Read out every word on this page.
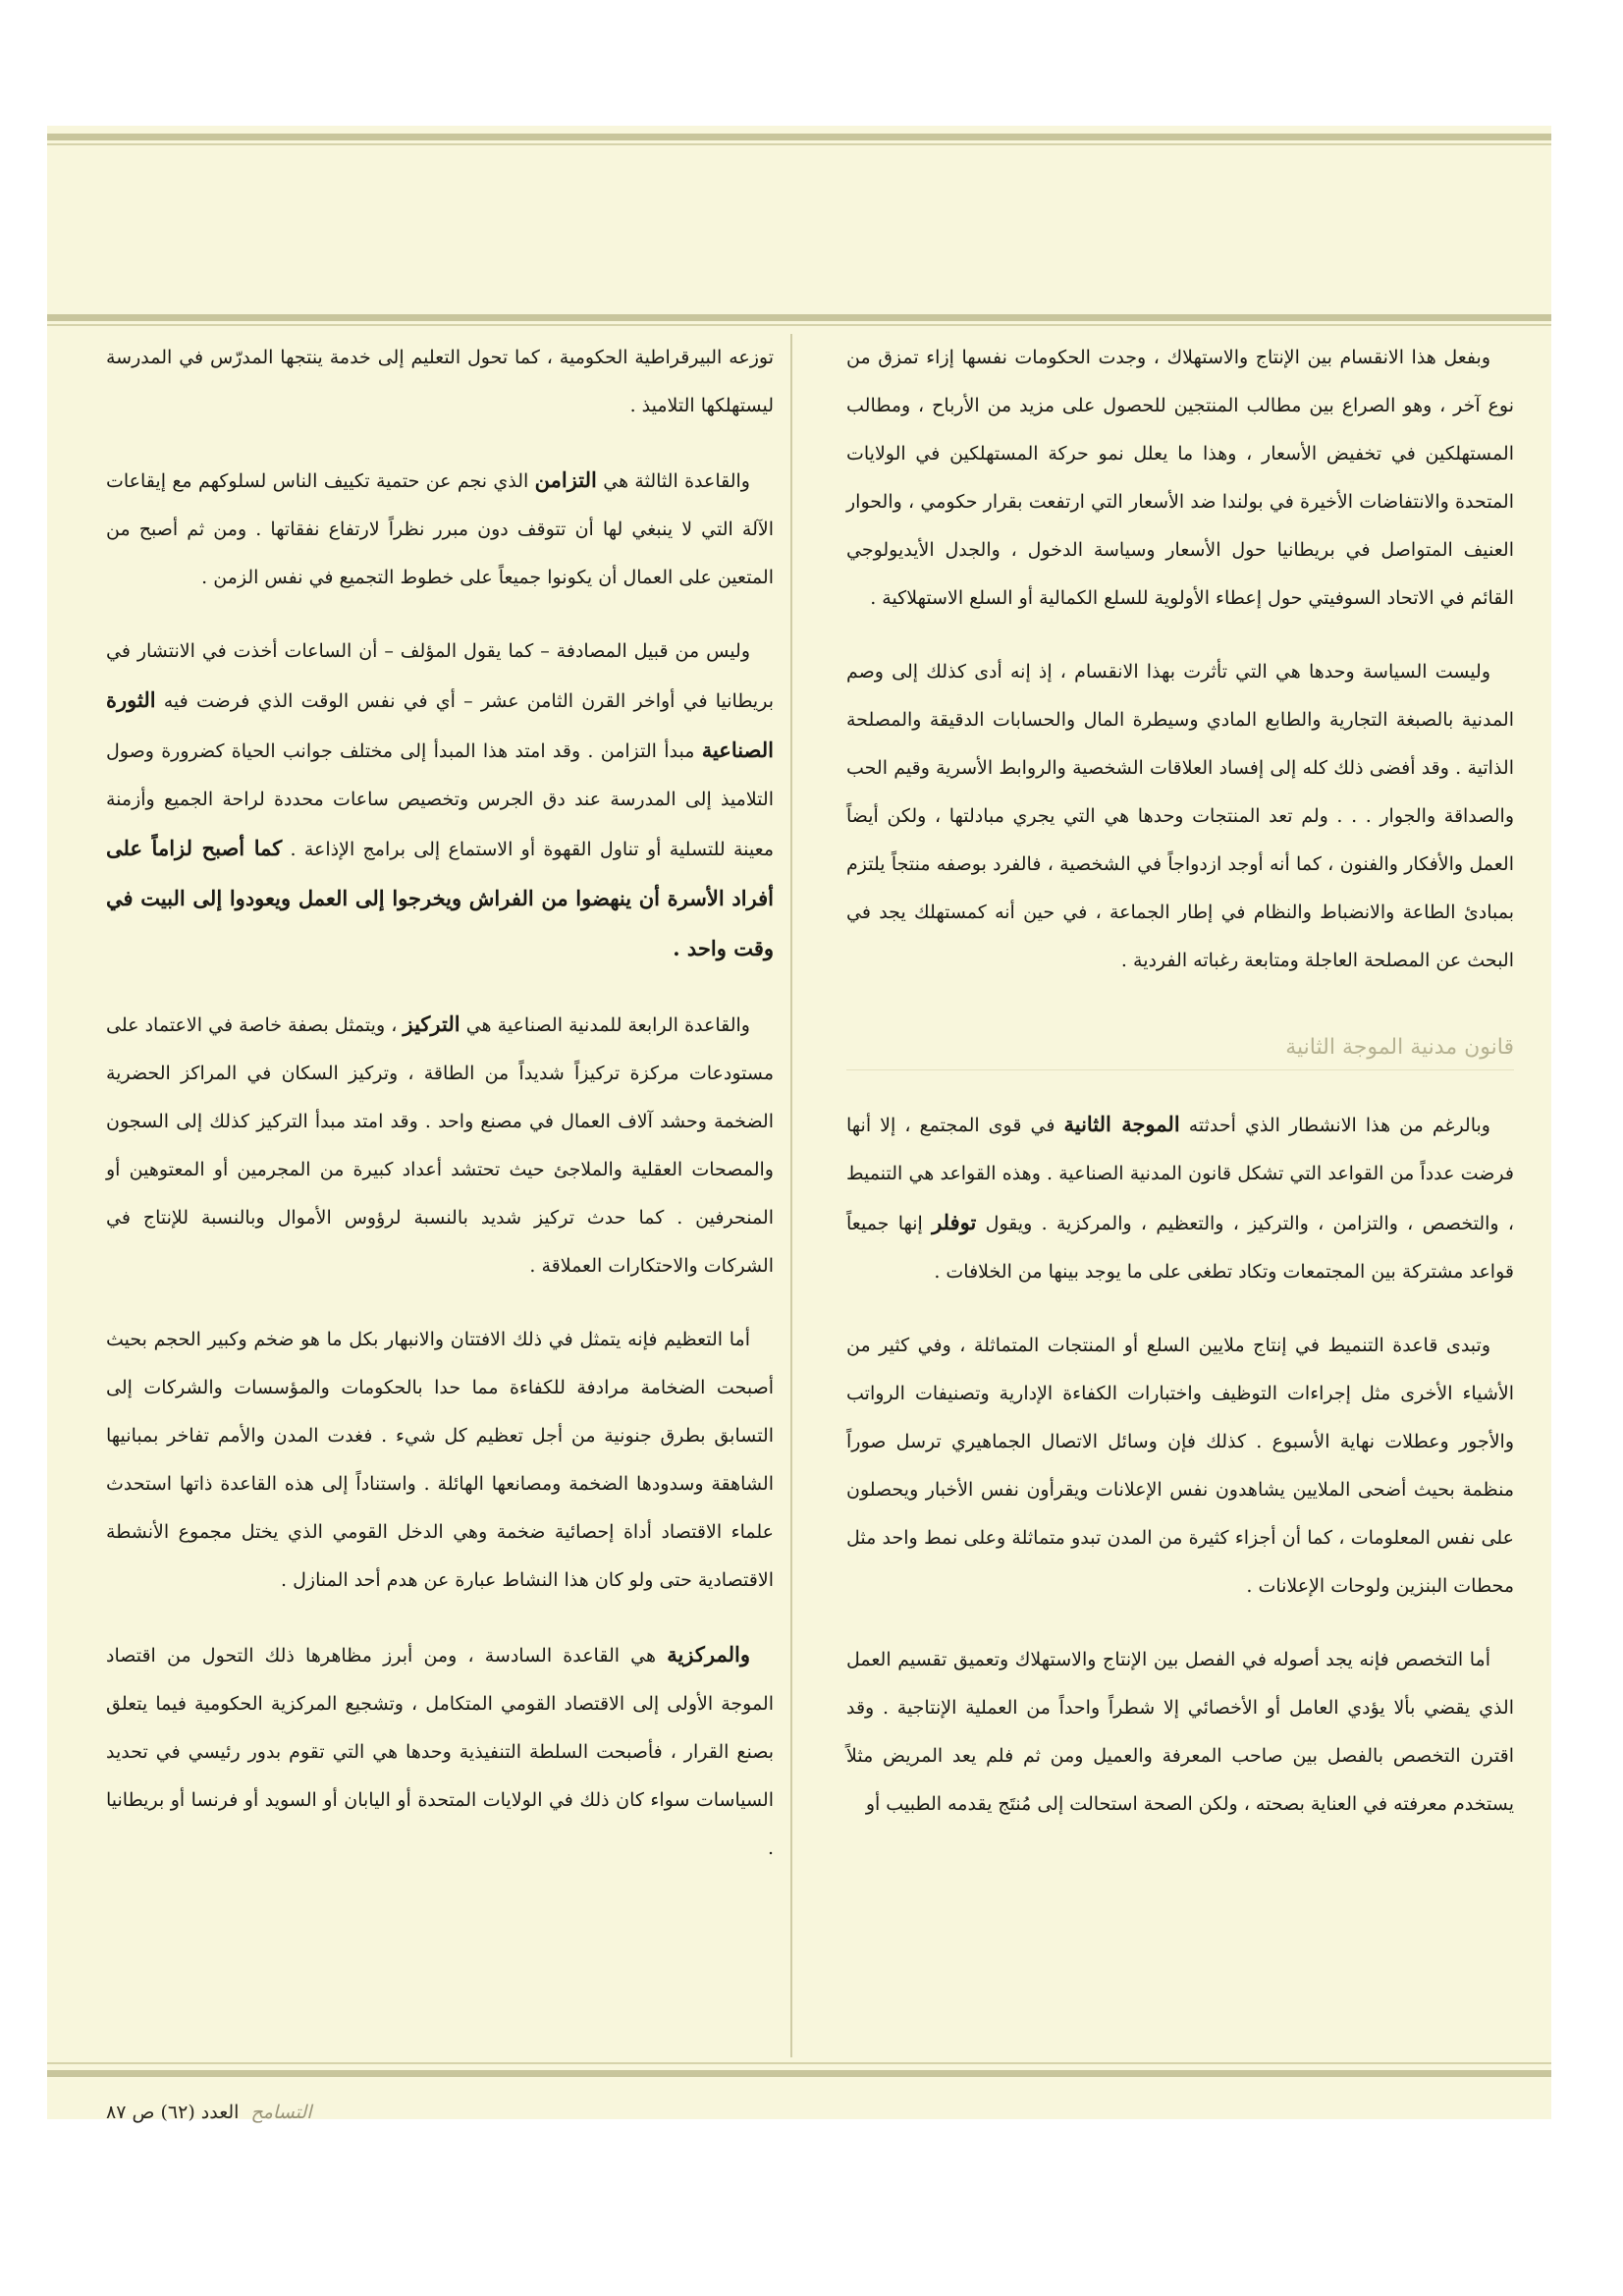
وبفعل هذا الانقسام بين الإنتاج والاستهلاك ، وجدت الحكومات نفسها إزاء تمزق من نوع آخر ، وهو الصراع بين مطالب المنتجين للحصول على مزيد من الأرباح ، ومطالب المستهلكين في تخفيض الأسعار ، وهذا ما يعلل نمو حركة المستهلكين في الولايات المتحدة والانتفاضات الأخيرة في بولندا ضد الأسعار التي ارتفعت بقرار حكومي ، والحوار العنيف المتواصل في بريطانيا حول الأسعار وسياسة الدخول ، والجدل الأيديولوجي القائم في الاتحاد السوفيتي حول إعطاء الأولوية للسلع الكمالية أو السلع الاستهلاكية .

وليست السياسة وحدها هي التي تأثرت بهذا الانقسام ، إذ إنه أدى كذلك إلى وصم المدنية بالصبغة التجارية والطابع المادي وسيطرة المال والحسابات الدقيقة والمصلحة الذاتية . وقد أفضى ذلك كله إلى إفساد العلاقات الشخصية والروابط الأسرية وقيم الحب والصداقة والجوار . . . ولم تعد المنتجات وحدها هي التي يجري مبادلتها ، ولكن أيضاً العمل والأفكار والفنون ، كما أنه أوجد ازدواجاً في الشخصية ، فالفرد بوصفه منتجاً يلتزم بمبادئ الطاعة والانضباط والنظام في إطار الجماعة ، في حين أنه كمستهلك يجد في البحث عن المصلحة العاجلة ومتابعة رغباته الفردية .

قانون مدنية الموجة الثانية

وبالرغم من هذا الانشطار الذي أحدثته الموجة الثانية في قوى المجتمع ، إلا أنها فرضت عدداً من القواعد التي تشكل قانون المدنية الصناعية . وهذه القواعد هي التنميط ، والتخصص ، والتزامن ، والتركيز ، والتعظيم ، والمركزية . ويقول توفلر إنها جميعاً قواعد مشتركة بين المجتمعات وتكاد تطغى على ما يوجد بينها من الخلافات .

وتبدى قاعدة التنميط في إنتاج ملايين السلع أو المنتجات المتماثلة ، وفي كثير من الأشياء الأخرى مثل إجراءات التوظيف واختبارات الكفاءة الإدارية وتصنيفات الرواتب والأجور وعطلات نهاية الأسبوع . كذلك فإن وسائل الاتصال الجماهيري ترسل صوراً منظمة بحيث أضحى الملايين يشاهدون نفس الإعلانات ويقرأون نفس الأخبار ويحصلون على نفس المعلومات ، كما أن أجزاء كثيرة من المدن تبدو متماثلة وعلى نمط واحد مثل محطات البنزين ولوحات الإعلانات .

أما التخصص فإنه يجد أصوله في الفصل بين الإنتاج والاستهلاك وتعميق تقسيم العمل الذي يقضي بألا يؤدي العامل أو الأخصائي إلا شطراً واحداً من العملية الإنتاجية . وقد اقترن التخصص بالفصل بين صاحب المعرفة والعميل ومن ثم فلم يعد المريض مثلاً يستخدم معرفته في العناية بصحته ، ولكن الصحة استحالت إلى مُنتَج يقدمه الطبيب أو

توزعه البيرقراطية الحكومية ، كما تحول التعليم إلى خدمة ينتجها المدرّس في المدرسة ليستهلكها التلاميذ .

والقاعدة الثالثة هي التزامن الذي نجم عن حتمية تكييف الناس لسلوكهم مع إيقاعات الآلة التي لا ينبغي لها أن تتوقف دون مبرر نظراً لارتفاع نفقاتها . ومن ثم أصبح من المتعين على العمال أن يكونوا جميعاً على خطوط التجميع في نفس الزمن .

وليس من قبيل المصادفة – كما يقول المؤلف – أن الساعات أخذت في الانتشار في بريطانيا في أواخر القرن الثامن عشر – أي في نفس الوقت الذي فرضت فيه الثورة الصناعية مبدأ التزامن . وقد امتد هذا المبدأ إلى مختلف جوانب الحياة كضرورة وصول التلاميذ إلى المدرسة عند دق الجرس وتخصيص ساعات محددة لراحة الجميع وأزمنة معينة للتسلية أو تناول القهوة أو الاستماع إلى برامج الإذاعة . كما أصبح لزاماً على أفراد الأسرة أن ينهضوا من الفراش ويخرجوا إلى العمل ويعودوا إلى البيت في وقت واحد .

والقاعدة الرابعة للمدنية الصناعية هي التركيز ، ويتمثل بصفة خاصة في الاعتماد على مستودعات مركزة تركيزاً شديداً من الطاقة ، وتركيز السكان في المراكز الحضرية الضخمة وحشد آلاف العمال في مصنع واحد . وقد امتد مبدأ التركيز كذلك إلى السجون والمصحات العقلية والملاجئ حيث تحتشد أعداد كبيرة من المجرمين أو المعتوهين أو المنحرفين . كما حدث تركيز شديد بالنسبة لرؤوس الأموال وبالنسبة للإنتاج في الشركات والاحتكارات العملاقة .

أما التعظيم فإنه يتمثل في ذلك الافتتان والانبهار بكل ما هو ضخم وكبير الحجم بحيث أصبحت الضخامة مرادفة للكفاءة مما حدا بالحكومات والمؤسسات والشركات إلى التسابق بطرق جنونية من أجل تعظيم كل شيء . فغدت المدن والأمم تفاخر بمبانيها الشاهقة وسدودها الضخمة ومصانعها الهائلة . واستناداً إلى هذه القاعدة ذاتها استحدث علماء الاقتصاد أداة إحصائية ضخمة وهي الدخل القومي الذي يختل مجموع الأنشطة الاقتصادية حتى ولو كان هذا النشاط عبارة عن هدم أحد المنازل .

والمركزية هي القاعدة السادسة ، ومن أبرز مظاهرها ذلك التحول من اقتصاد الموجة الأولى إلى الاقتصاد القومي المتكامل ، وتشجيع المركزية الحكومية فيما يتعلق بصنع القرار ، فأصبحت السلطة التنفيذية وحدها هي التي تقوم بدور رئيسي في تحديد السياسات سواء كان ذلك في الولايات المتحدة أو اليابان أو السويد أو فرنسا أو بريطانيا .

التسامح العدد (٦٢) ص ٨٧
